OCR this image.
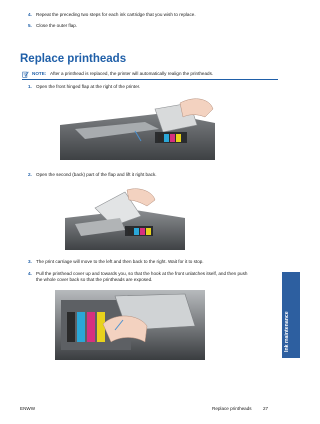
4. Repeat the preceding two steps for each ink cartridge that you wish to replace.
5. Close the outer flap.
Replace printheads
NOTE: After a printhead is replaced, the printer will automatically realign the printheads.
1. Open the front hinged flap at the right of the printer.
2. Open the second (back) part of the flap and lift it right back.
3. The print carriage will move to the left and then back to the right. Wait for it to stop.
4. Pull the printhead cover up and towards you, so that the hook at the front unlatches itself, and then push the whole cover back so that the printheads are exposed.
Ink maintenance
ENWW	Replace printheads 27
